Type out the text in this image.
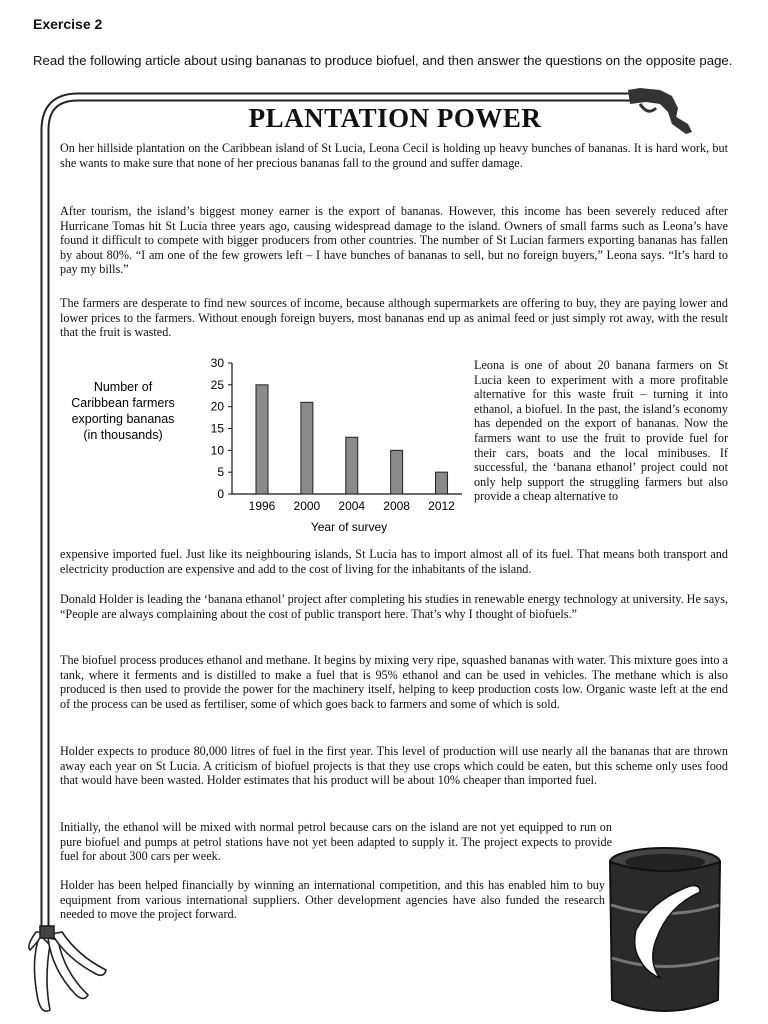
Exercise 2
Read the following article about using bananas to produce biofuel, and then answer the questions on the opposite page.
PLANTATION POWER
On her hillside plantation on the Caribbean island of St Lucia, Leona Cecil is holding up heavy bunches of bananas. It is hard work, but she wants to make sure that none of her precious bananas fall to the ground and suffer damage.
After tourism, the island’s biggest money earner is the export of bananas. However, this income has been severely reduced after Hurricane Tomas hit St Lucia three years ago, causing widespread damage to the island. Owners of small farms such as Leona’s have found it difficult to compete with bigger producers from other countries. The number of St Lucian farmers exporting bananas has fallen by about 80%. “I am one of the few growers left – I have bunches of bananas to sell, but no foreign buyers,” Leona says. “It’s hard to pay my bills.”
The farmers are desperate to find new sources of income, because although supermarkets are offering to buy, they are paying lower and lower prices to the farmers. Without enough foreign buyers, most bananas end up as animal feed or just simply rot away, with the result that the fruit is wasted.
Leona is one of about 20 banana farmers on St Lucia keen to experiment with a more profitable alternative for this waste fruit – turning it into ethanol, a biofuel. In the past, the island’s economy has depended on the export of bananas. Now the farmers want to use the fruit to provide fuel for their cars, boats and the local minibuses. If successful, the ‘banana ethanol’ project could not only help support the struggling farmers but also provide a cheap alternative to
expensive imported fuel. Just like its neighbouring islands, St Lucia has to import almost all of its fuel. That means both transport and electricity production are expensive and add to the cost of living for the inhabitants of the island.
Donald Holder is leading the ‘banana ethanol’ project after completing his studies in renewable energy technology at university. He says, “People are always complaining about the cost of public transport here. That’s why I thought of biofuels.”
The biofuel process produces ethanol and methane. It begins by mixing very ripe, squashed bananas with water. This mixture goes into a tank, where it ferments and is distilled to make a fuel that is 95% ethanol and can be used in vehicles. The methane which is also produced is then used to provide the power for the machinery itself, helping to keep production costs low. Organic waste left at the end of the process can be used as fertiliser, some of which goes back to farmers and some of which is sold.
Holder expects to produce 80,000 litres of fuel in the first year. This level of production will use nearly all the bananas that are thrown away each year on St Lucia. A criticism of biofuel projects is that they use crops which could be eaten, but this scheme only uses food that would have been wasted. Holder estimates that his product will be about 10% cheaper than imported fuel.
Initially, the ethanol will be mixed with normal petrol because cars on the island are not yet equipped to run on pure biofuel and pumps at petrol stations have not yet been adapted to supply it. The project expects to provide fuel for about 300 cars per week.
Holder has been helped financially by winning an international competition, and this has enabled him to buy equipment from various international suppliers. Other development agencies have also funded the research needed to move the project forward.
Number of
Caribbean farmers
exporting bananas
(in thousands)
0
5
10
15
20
25
30
1996 2000 2004 2008 2012
Year of survey
